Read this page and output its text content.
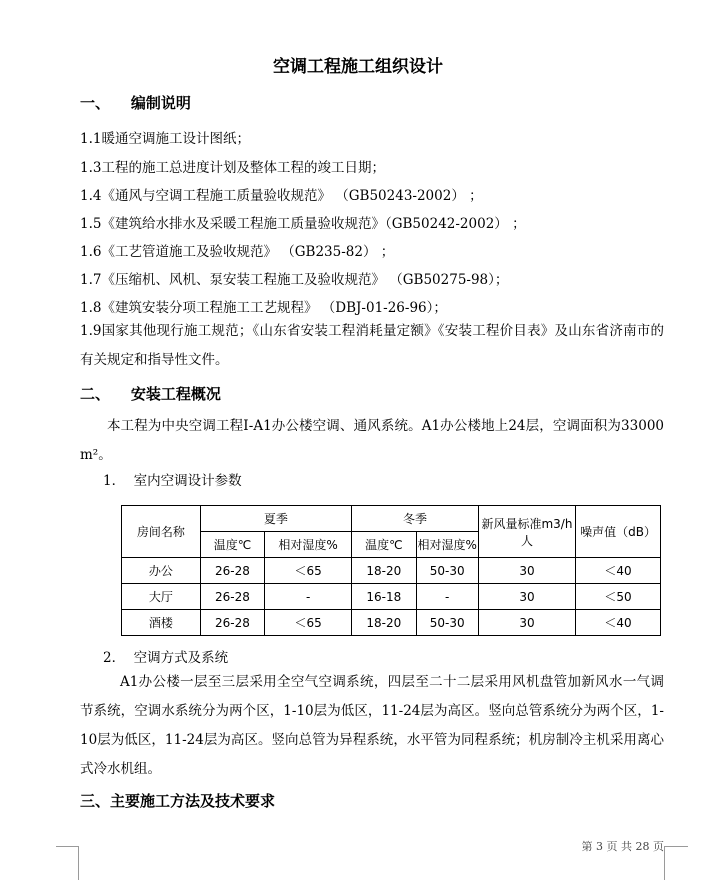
空调工程施工组织设计
一、    编制说明

1.1暖通空调施工设计图纸；

1.3工程的施工总进度计划及整体工程的竣工日期；

1.4《通风与空调工程施工质量验收规范》 （GB50243-2002） ；

1.5《建筑给水排水及采暖工程施工质量验收规范》（GB50242-2002） ；

1.6《工艺管道施工及验收规范》 （GB235-82） ；

1.7《压缩机、风机、泵安装工程施工及验收规范》 （GB50275-98）；

1.8《建筑安装分项工程施工工艺规程》 （DBJ-01-26-96）；

1.9国家其他现行施工规范；《山东省安装工程消耗量定额》《安装工程价目表》及山东省济南市的有关规定和指导性文件。

二、    安装工程概况

本工程为中央空调工程Ⅰ-A1办公楼空调、通风系统。A1办公楼地上24层，空调面积为33000 m²。

1．  室内空调设计参数

房间名称	夏季		冬季		新风量标准m3/h 人	噪声值（dB）
	温度℃	相对湿度%	温度℃	相对湿度%		
办公	26-28	＜65	18-20	50-30	30	＜40
大厅	26-28	-	16-18	-	30	＜50
酒楼	26-28	＜65	18-20	50-30	30	＜40

2．  空调方式及系统

A1办公楼一层至三层采用全空气空调系统，四层至二十二层采用风机盘管加新风水一气调节系统，空调水系统分为两个区，1-10层为低区，11-24层为高区。竖向总管系统分为两个区，1-10层为低区，11-24层为高区。竖向总管为异程系统，水平管为同程系统；机房制冷主机采用离心式冷水机组。

三、主要施工方法及技术要求
第 3 页 共 28 页
